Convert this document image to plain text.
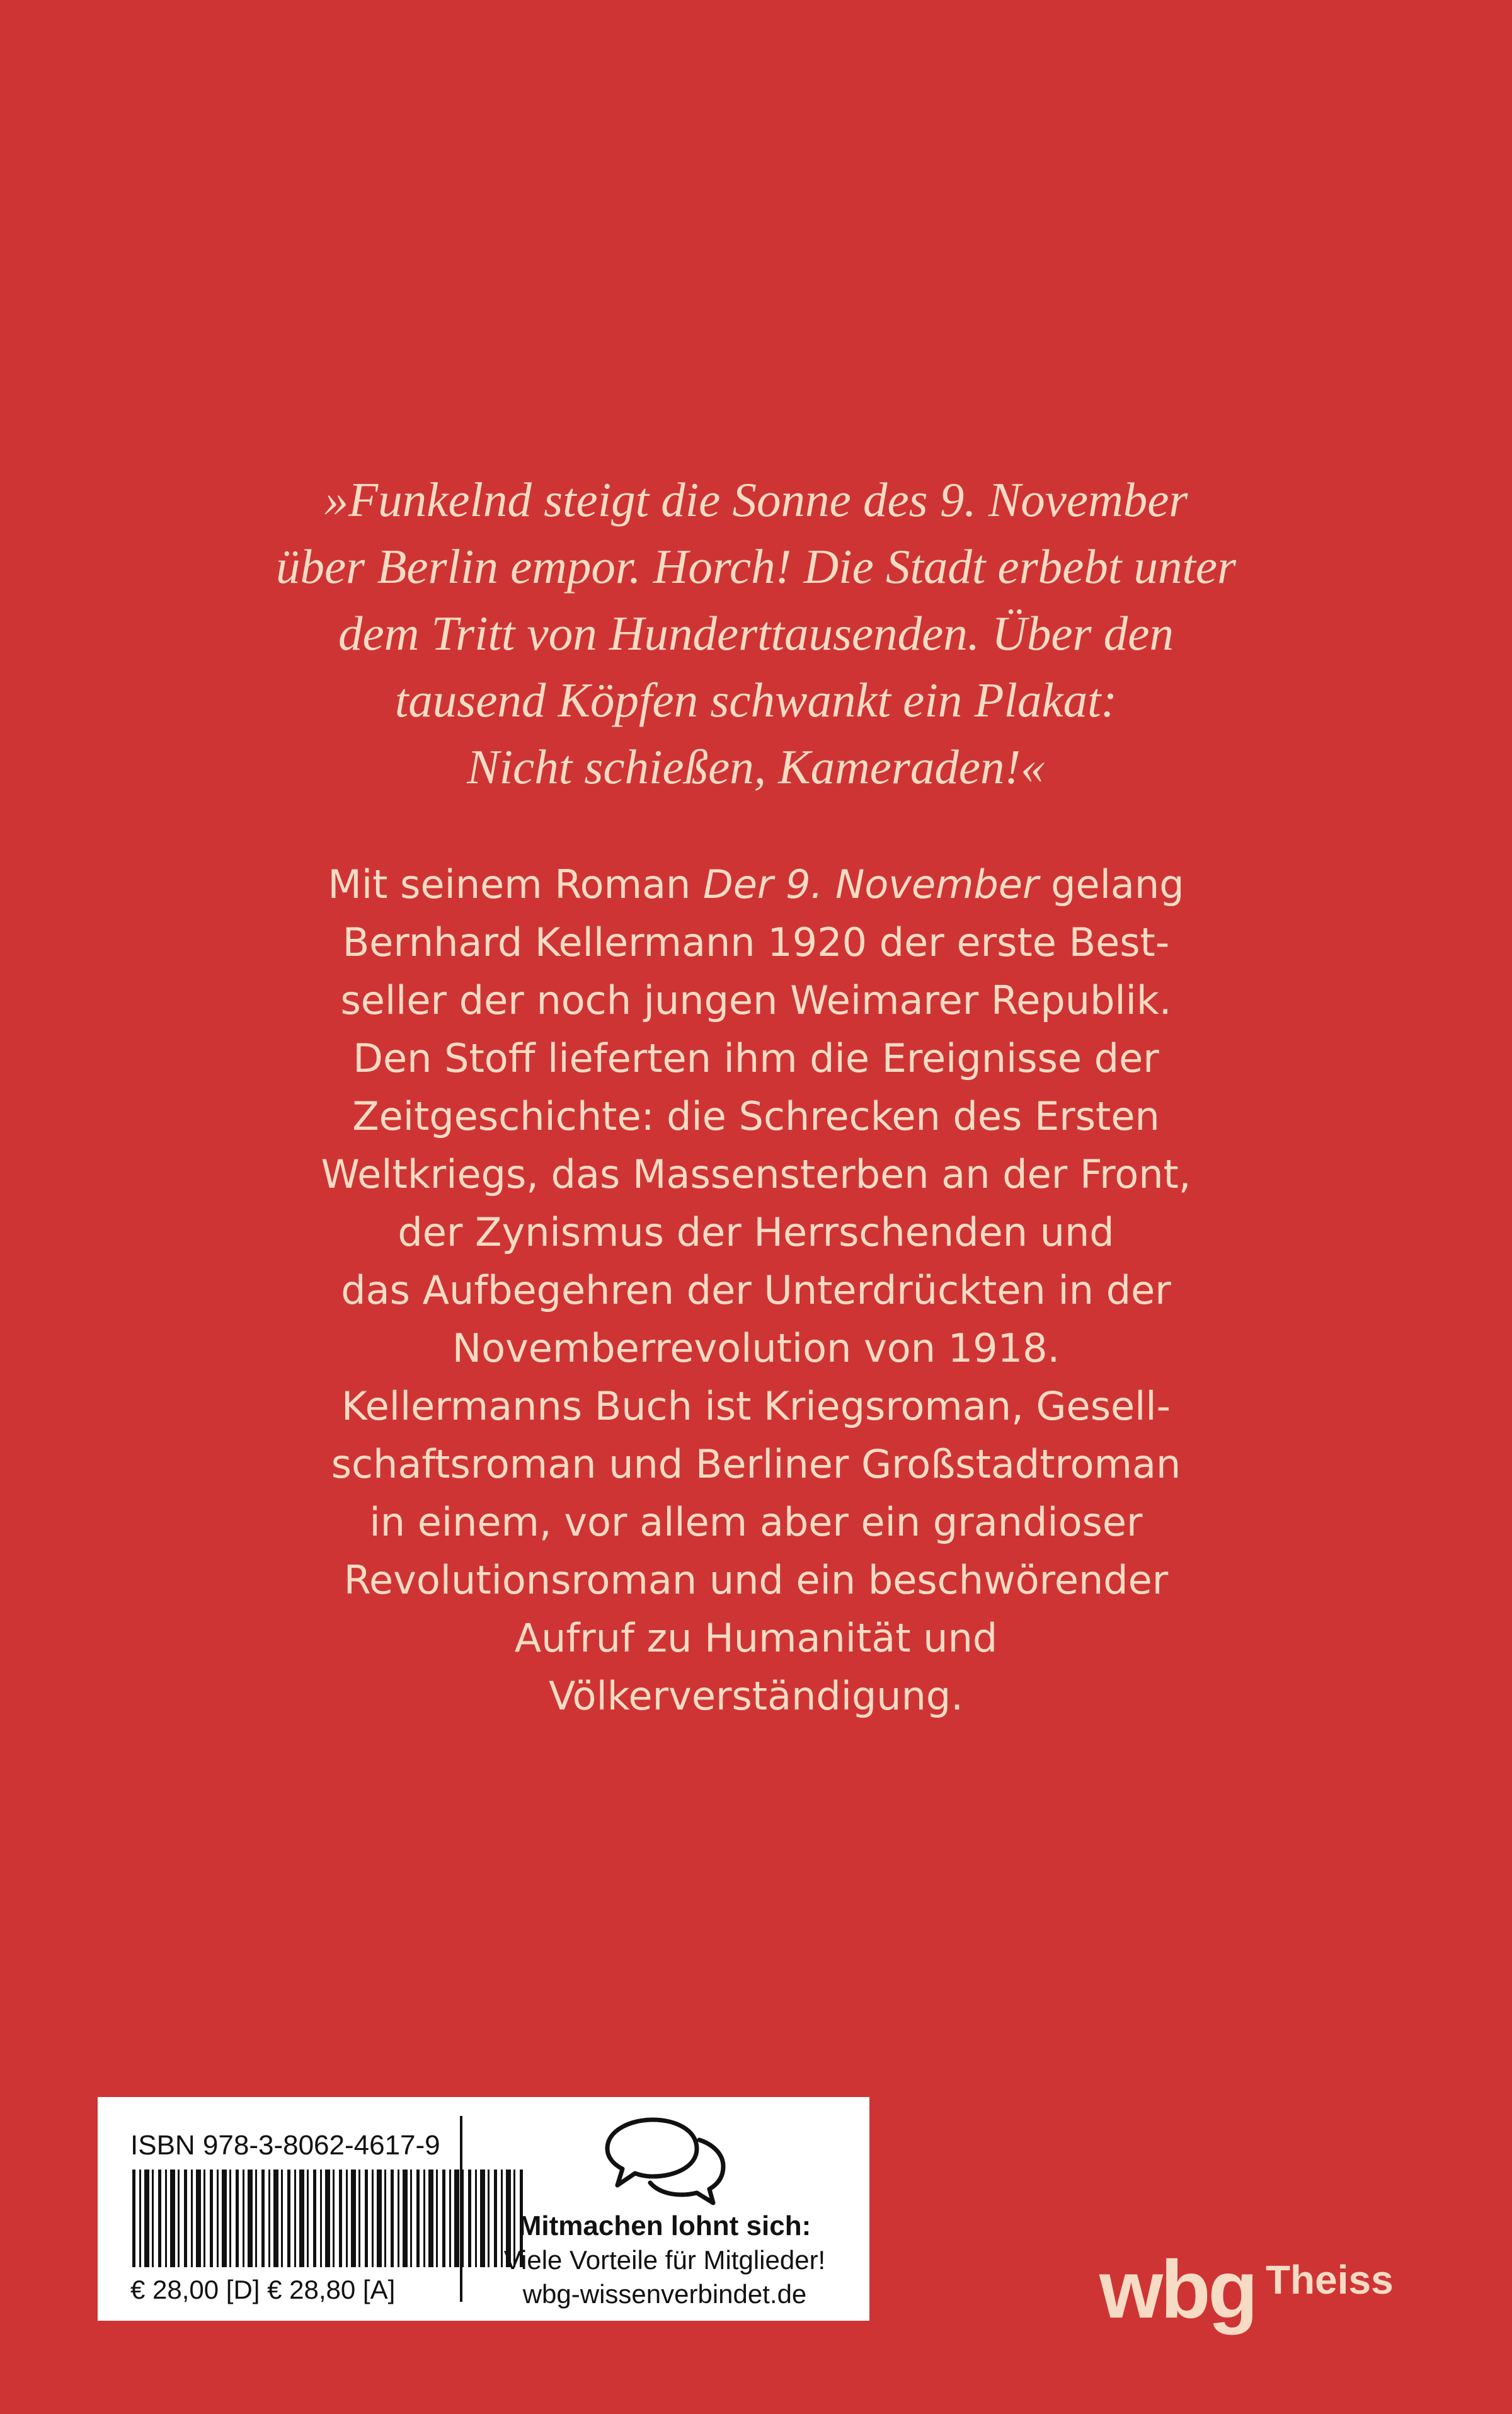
»Funkelnd steigt die Sonne des 9. November
über Berlin empor. Horch! Die Stadt erbebt unter
dem Tritt von Hunderttausenden. Über den
tausend Köpfen schwankt ein Plakat:
Nicht schießen, Kameraden!«
Mit seinem Roman Der 9. November gelang
Bernhard Kellermann 1920 der erste Best-
seller der noch jungen Weimarer Republik.
Den Stoff lieferten ihm die Ereignisse der
Zeitgeschichte: die Schrecken des Ersten
Weltkriegs, das Massensterben an der Front,
der Zynismus der Herrschenden und
das Aufbegehren der Unterdrückten in der
Novemberrevolution von 1918.
Kellermanns Buch ist Kriegsroman, Gesell-
schaftsroman und Berliner Großstadtroman
in einem, vor allem aber ein grandioser
Revolutionsroman und ein beschwörender
Aufruf zu Humanität und
Völkerverständigung.
ISBN 978-3-8062-4617-9
€ 28,00 [D] € 28,80 [A]
Mitmachen lohnt sich:
Viele Vorteile für Mitglieder!
wbg-wissenverbindet.de	wbg Theiss
